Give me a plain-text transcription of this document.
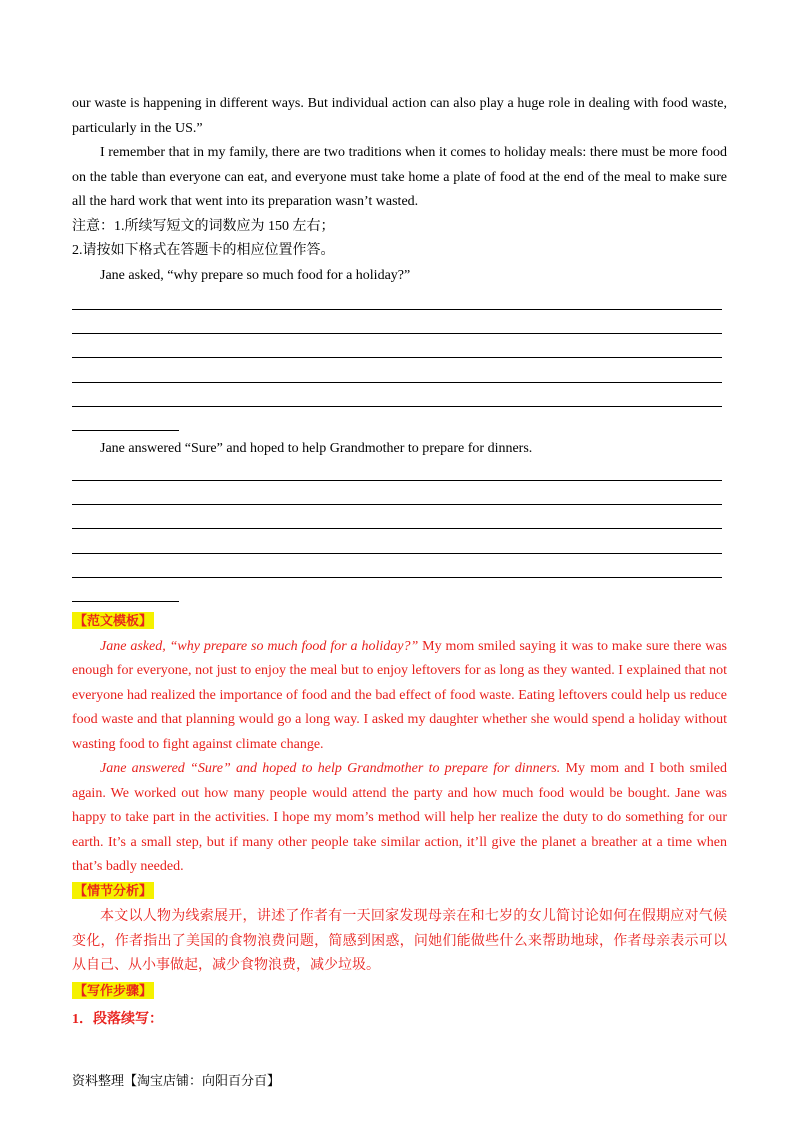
our waste is happening in different ways. But individual action can also play a huge role in dealing with food waste, particularly in the US.”

I remember that in my family, there are two traditions when it comes to holiday meals: there must be more food on the table than everyone can eat, and everyone must take home a plate of food at the end of the meal to make sure all the hard work that went into its preparation wasn’t wasted.

注意：1.所续写短文的词数应为 150 左右；

2.请按如下格式在答题卡的相应位置作答。

Jane asked, “why prepare so much food for a holiday?”

Jane answered “Sure” and hoped to help Grandmother to prepare for dinners.

【范文模板】

Jane asked, “why prepare so much food for a holiday?” My mom smiled saying it was to make sure there was enough for everyone, not just to enjoy the meal but to enjoy leftovers for as long as they wanted. I explained that not everyone had realized the importance of food and the bad effect of food waste. Eating leftovers could help us reduce food waste and that planning would go a long way. I asked my daughter whether she would spend a holiday without wasting food to fight against climate change.

Jane answered “Sure” and hoped to help Grandmother to prepare for dinners. My mom and I both smiled again. We worked out how many people would attend the party and how much food would be bought. Jane was happy to take part in the activities. I hope my mom’s method will help her realize the duty to do something for our earth. It’s a small step, but if many other people take similar action, it’ll give the planet a breather at a time when that’s badly needed.

【情节分析】

本文以人物为线索展开，讲述了作者有一天回家发现母亲在和七岁的女儿简讨论如何在假期应对气候变化，作者指出了美国的食物浪费问题，简感到困惑，问她们能做些什么来帮助地球，作者母亲表示可以从自己、从小事做起，减少食物浪费，减少垃圾。

【写作步骤】
1．段落续写：
资料整理【淘宝店铺：向阳百分百】
